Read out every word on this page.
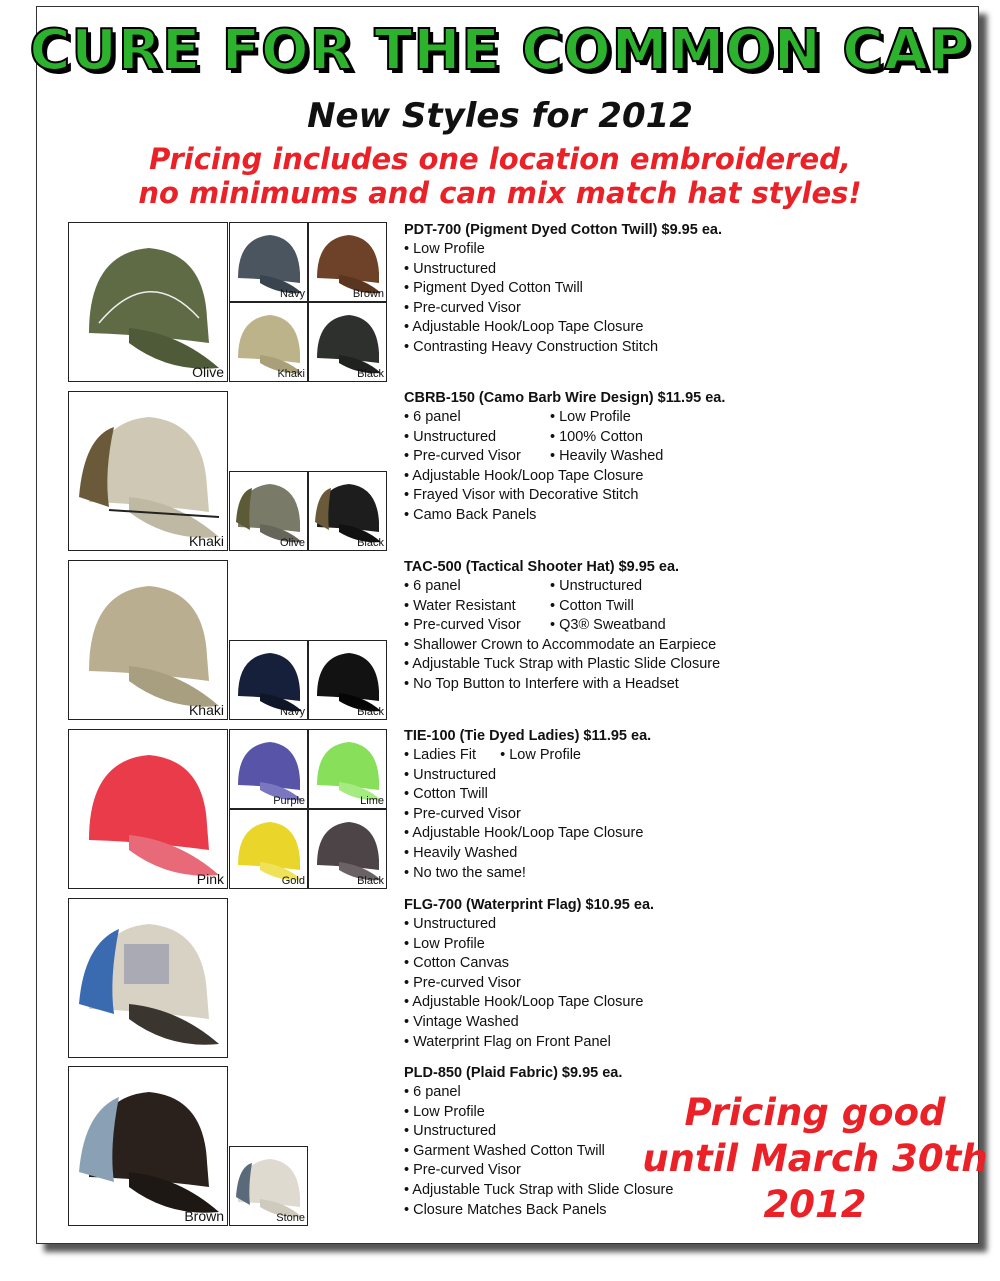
CURE FOR THE COMMON CAP
New Styles for 2012
Pricing includes one location embroidered,
no minimums and can mix match hat styles!
Olive
Navy	Brown
Khaki	Black
PDT-700 (Pigment Dyed Cotton Twill) $9.95 ea.
• Low Profile
• Unstructured
• Pigment Dyed Cotton Twill
• Pre-curved Visor
• Adjustable Hook/Loop Tape Closure
• Contrasting Heavy Construction Stitch
Khaki	Olive	Black
CBRB-150 (Camo Barb Wire Design) $11.95 ea.
• 6 panel	• Low Profile
• Unstructured	• 100% Cotton
• Pre-curved Visor • Heavily Washed
• Adjustable Hook/Loop Tape Closure
• Frayed Visor with Decorative Stitch
• Camo Back Panels
Khaki	Navy	Black
TAC-500 (Tactical Shooter Hat) $9.95 ea.
• 6 panel	• Unstructured
• Water Resistant • Cotton Twill
• Pre-curved Visor • Q3® Sweatband
• Shallower Crown to Accommodate an Earpiece
• Adjustable Tuck Strap with Plastic Slide Closure
• No Top Button to Interfere with a Headset
Pink
Purple	Lime
Gold	Black
TIE-100 (Tie Dyed Ladies) $11.95 ea.
• Ladies Fit      • Low Profile
• Unstructured
• Cotton Twill
• Pre-curved Visor
• Adjustable Hook/Loop Tape Closure
• Heavily Washed
• No two the same!
FLG-700 (Waterprint Flag) $10.95 ea.
• Unstructured
• Low Profile
• Cotton Canvas
• Pre-curved Visor
• Adjustable Hook/Loop Tape Closure
• Vintage Washed
• Waterprint Flag on Front Panel
Brown	Stone
PLD-850 (Plaid Fabric) $9.95 ea.
• 6 panel
• Low Profile
• Unstructured
• Garment Washed Cotton Twill
• Pre-curved Visor
• Adjustable Tuck Strap with Slide Closure
• Closure Matches Back Panels
Pricing good
until March 30th
2012
